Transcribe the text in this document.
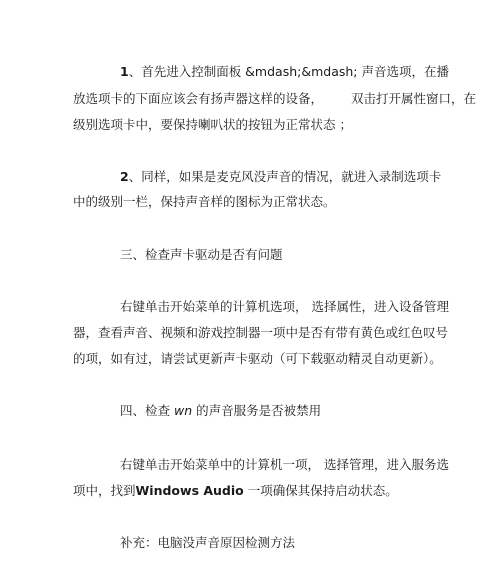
1、首先进入控制面板 &mdash;&mdash; 声音选项，在播
放选项卡的下面应该会有扬声器这样的设备， 双击打开属性窗口，在
级别选项卡中，要保持喇叭状的按钮为正常状态 ；
2、同样，如果是麦克风没声音的情况，就进入录制选项卡
中的级别一栏，保持声音样的图标为正常状态。
三、检查声卡驱动是否有问题
右键单击开始菜单的计算机选项， 选择属性，进入设备管理
器，查看声音、视频和游戏控制器一项中是否有带有黄色或红色叹号
的项，如有过，请尝试更新声卡驱动（可下载驱动精灵自动更新）。
四、检查 wn 的声音服务是否被禁用
右键单击开始菜单中的计算机一项， 选择管理，进入服务选
项中，找到Windows Audio 一项确保其保持启动状态。
补充：电脑没声音原因检测方法
